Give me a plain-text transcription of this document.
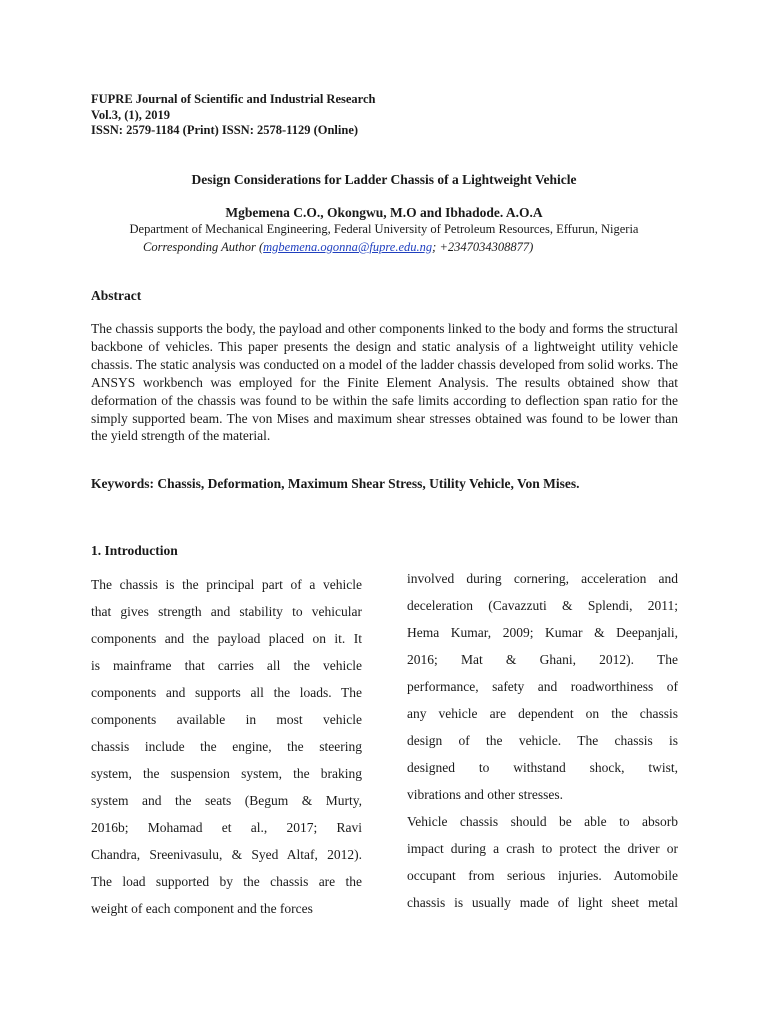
FUPRE Journal of Scientific and Industrial Research
Vol.3, (1), 2019
ISSN: 2579-1184 (Print) ISSN: 2578-1129 (Online)
Design Considerations for Ladder Chassis of a Lightweight Vehicle
Mgbemena C.O., Okongwu, M.O and Ibhadode. A.O.A
Department of Mechanical Engineering, Federal University of Petroleum Resources, Effurun, Nigeria
Corresponding Author (mgbemena.ogonna@fupre.edu.ng; +2347034308877)
Abstract
The chassis supports the body, the payload and other components linked to the body and forms the structural backbone of vehicles. This paper presents the design and static analysis of a lightweight utility vehicle chassis. The static analysis was conducted on a model of the ladder chassis developed from solid works. The ANSYS workbench was employed for the Finite Element Analysis. The results obtained show that deformation of the chassis was found to be within the safe limits according to deflection span ratio for the simply supported beam. The von Mises and maximum shear stresses obtained was found to be lower than the yield strength of the material.
Keywords: Chassis, Deformation, Maximum Shear Stress, Utility Vehicle, Von Mises.
1. Introduction
The chassis is the principal part of a vehicle
that gives strength and stability to vehicular
components and the payload placed on it. It
is mainframe that carries all the vehicle
components and supports all the loads. The
components available in most vehicle
chassis include the engine, the steering
system, the suspension system, the braking
system and the seats (Begum & Murty,
2016b; Mohamad et al., 2017; Ravi
Chandra, Sreenivasulu, & Syed Altaf, 2012).
The load supported by the chassis are the
weight of each component and the forces
involved during cornering, acceleration and
deceleration (Cavazzuti & Splendi, 2011;
Hema Kumar, 2009; Kumar & Deepanjali,
2016; Mat & Ghani, 2012). The
performance, safety and roadworthiness of
any vehicle are dependent on the chassis
design of the vehicle. The chassis is
designed to withstand shock, twist,
vibrations and other stresses.
Vehicle chassis should be able to absorb
impact during a crash to protect the driver or
occupant from serious injuries. Automobile
chassis is usually made of light sheet metal
